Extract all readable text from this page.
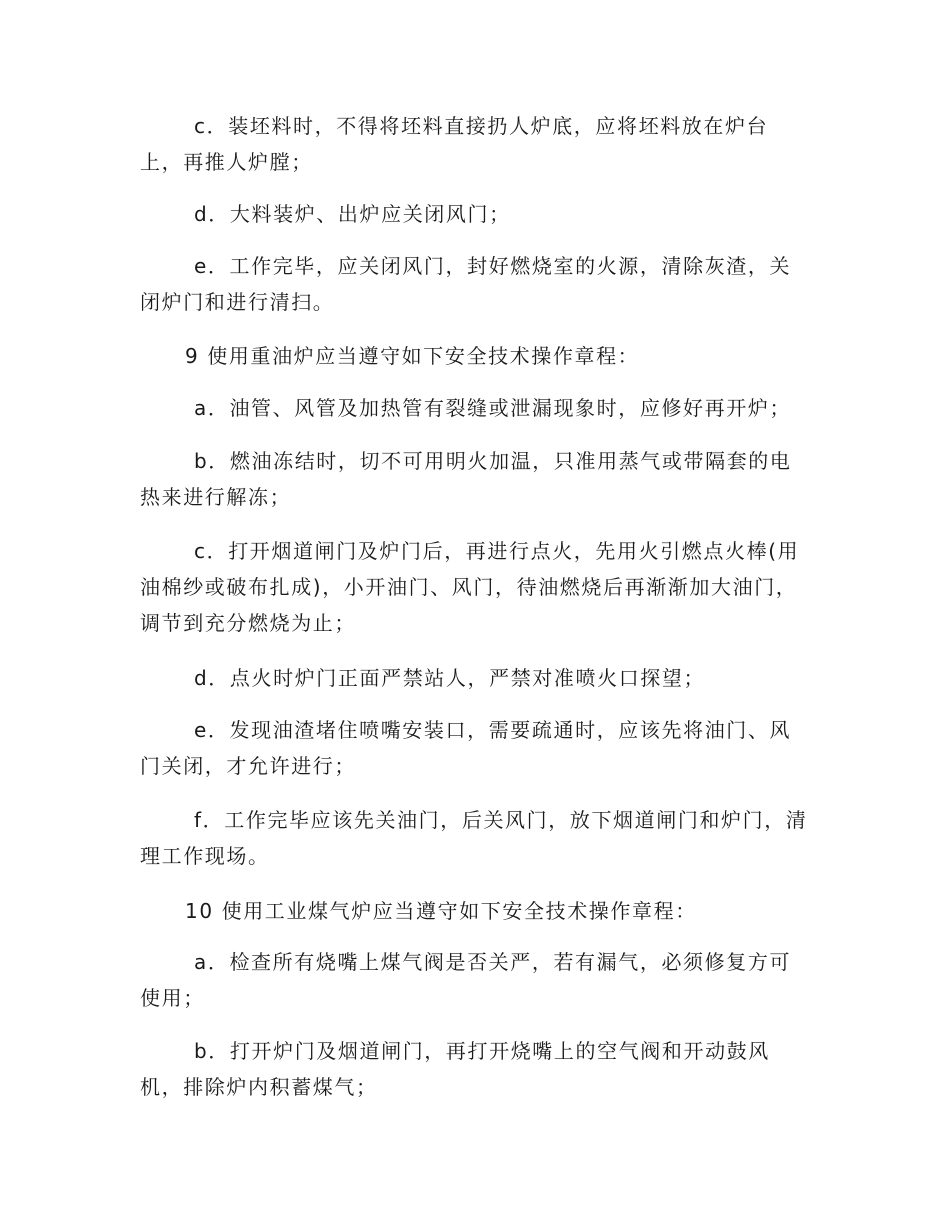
c．装坯料时，不得将坯料直接扔人炉底，应将坯料放在炉台上，再推人炉膛；

d．大料装炉、出炉应关闭风门；

e．工作完毕，应关闭风门，封好燃烧室的火源，清除灰渣，关闭炉门和进行清扫。

9 使用重油炉应当遵守如下安全技术操作章程：

a．油管、风管及加热管有裂缝或泄漏现象时，应修好再开炉；

b．燃油冻结时，切不可用明火加温，只准用蒸气或带隔套的电热来进行解冻；

c．打开烟道闸门及炉门后，再进行点火，先用火引燃点火棒(用油棉纱或破布扎成)，小开油门、风门，待油燃烧后再渐渐加大油门，调节到充分燃烧为止；

d．点火时炉门正面严禁站人，严禁对准喷火口探望；

e．发现油渣堵住喷嘴安装口，需要疏通时，应该先将油门、风门关闭，才允许进行；

f．工作完毕应该先关油门，后关风门，放下烟道闸门和炉门，清理工作现场。

10 使用工业煤气炉应当遵守如下安全技术操作章程：

a．检查所有烧嘴上煤气阀是否关严，若有漏气，必须修复方可使用；

b．打开炉门及烟道闸门，再打开烧嘴上的空气阀和开动鼓风机，排除炉内积蓄煤气；
